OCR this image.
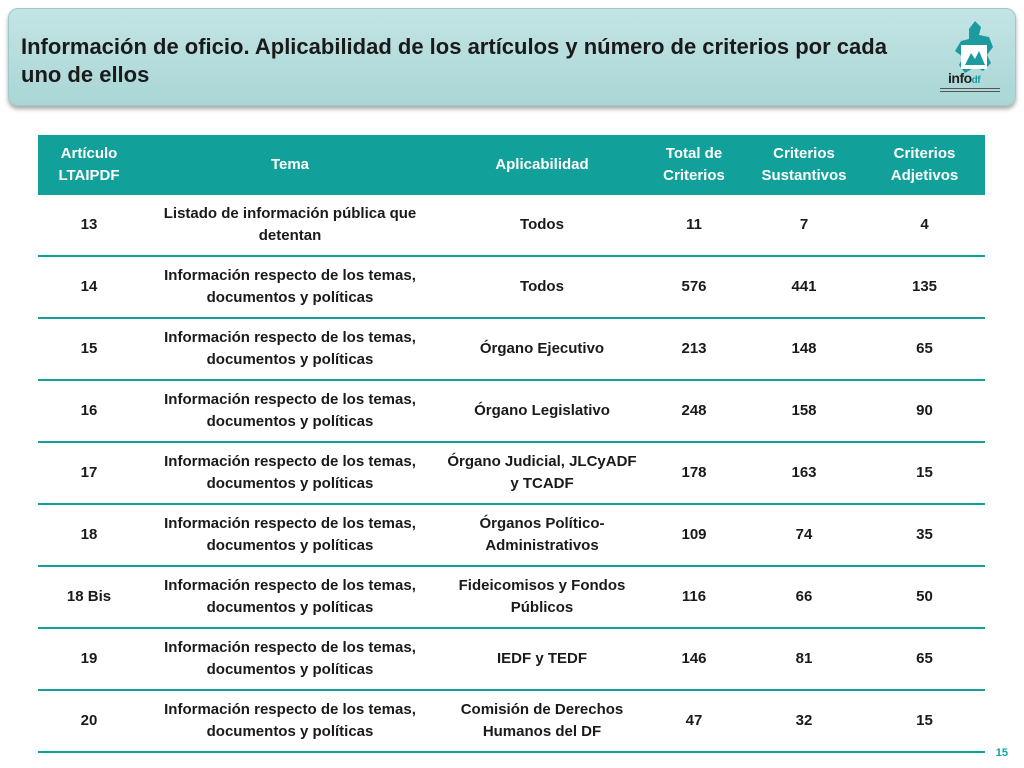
Información de oficio. Aplicabilidad de los artículos y número de criterios por cada uno de ellos	infodf
Artículo LTAIPDF	Tema	Aplicabilidad	Total de Criterios	Criterios Sustantivos	Criterios Adjetivos
13	Listado de información pública que detentan	Todos	11	7	4
14	Información respecto de los temas, documentos y políticas	Todos	576	441	135
15	Información respecto de los temas, documentos y políticas	Órgano Ejecutivo	213	148	65
16	Información respecto de los temas, documentos y políticas	Órgano Legislativo	248	158	90
17	Información respecto de los temas, documentos y políticas	Órgano Judicial, JLCyADF y TCADF	178	163	15
18	Información respecto de los temas, documentos y políticas	Órganos Político-Administrativos	109	74	35
18 Bis	Información respecto de los temas, documentos y políticas	Fideicomisos y Fondos Públicos	116	66	50
19	Información respecto de los temas, documentos y políticas	IEDF y TEDF	146	81	65
20	Información respecto de los temas, documentos y políticas	Comisión de Derechos Humanos del DF	47	32	15
15
